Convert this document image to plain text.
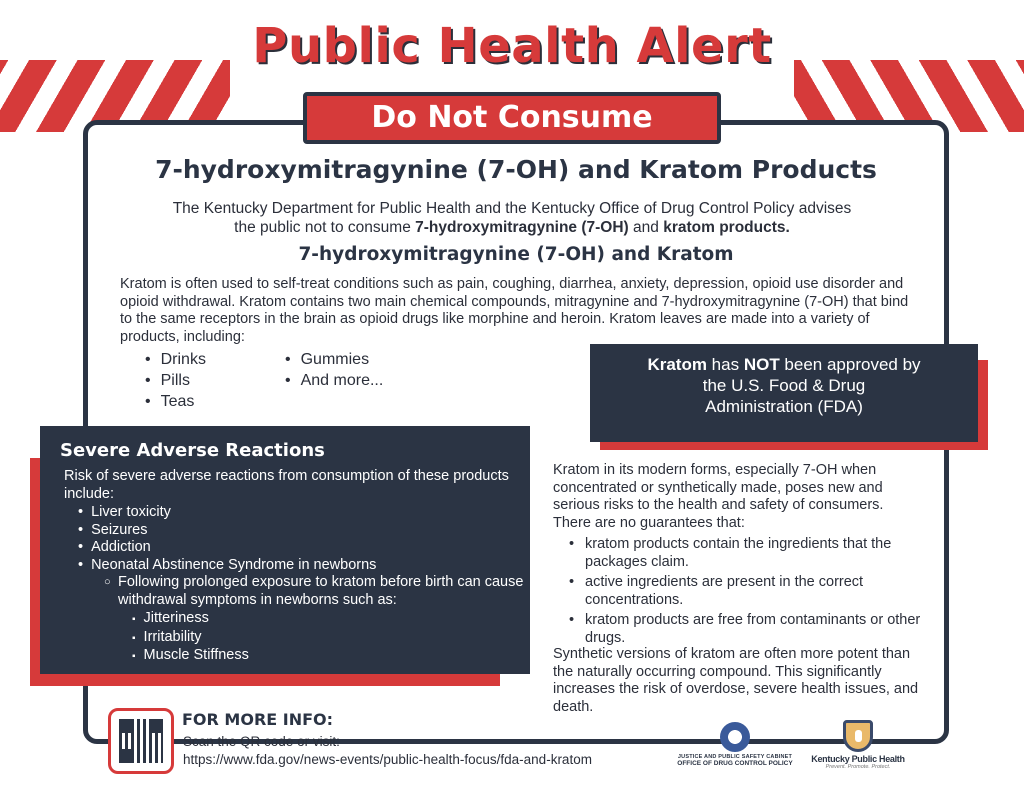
Public Health Alert
Do Not Consume
7-hydroxymitragynine (7-OH) and Kratom Products
The Kentucky Department for Public Health and the Kentucky Office of Drug Control Policy advises
the public not to consume 7-hydroxymitragynine (7-OH) and kratom products.
7-hydroxymitragynine (7-OH) and Kratom
Kratom is often used to self-treat conditions such as pain, coughing, diarrhea, anxiety, depression, opioid use disorder and opioid withdrawal. Kratom contains two main chemical compounds, mitragynine and 7-hydroxymitragynine (7-OH) that bind to the same receptors in the brain as opioid drugs like morphine and heroin. Kratom leaves are made into a variety of products, including:
• Drinks
• Pills
• Teas
• Gummies
• And more...
Kratom has NOT been approved by
the U.S. Food & Drug
Administration (FDA)
Severe Adverse Reactions
Risk of severe adverse reactions from consumption of these products include:
• Liver toxicity
• Seizures
• Addiction
• Neonatal Abstinence Syndrome in newborns
○ Following prolonged exposure to kratom before birth can cause withdrawal symptoms in newborns such as:
▪ Jitteriness
▪ Irritability
▪ Muscle Stiffness
Kratom in its modern forms, especially 7-OH when concentrated or synthetically made, poses new and serious risks to the health and safety of consumers. There are no guarantees that:
• kratom products contain the ingredients that the packages claim.
• active ingredients are present in the correct concentrations.
• kratom products are free from contaminants or other drugs.
Synthetic versions of kratom are often more potent than the naturally occurring compound. This significantly increases the risk of overdose, severe health issues, and death.
FOR MORE INFO:
Scan the QR code or visit:
https://www.fda.gov/news-events/public-health-focus/fda-and-kratom	JUSTICE AND PUBLIC SAFETY CABINET
OFFICE OF DRUG CONTROL POLICY	Kentucky Public Health
Prevent. Promote. Protect.
